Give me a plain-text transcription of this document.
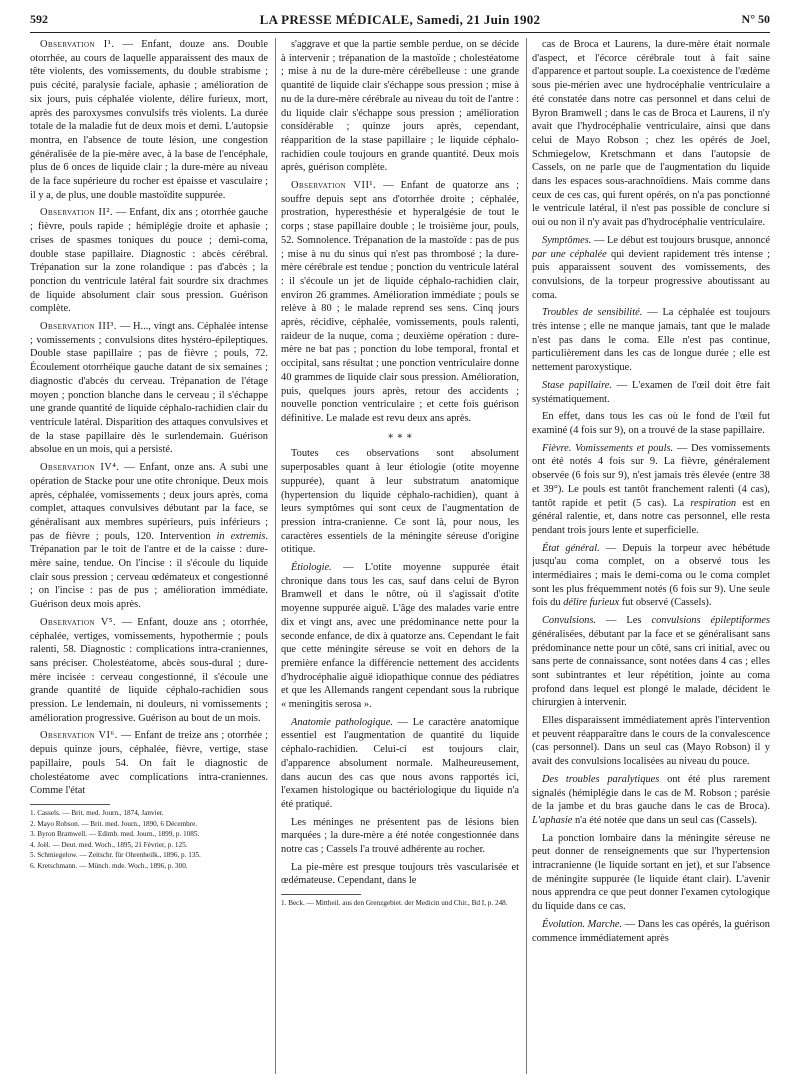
592	LA PRESSE MÉDICALE, Samedi, 21 Juin 1902	N° 50

Observation I¹. — Enfant, douze ans. Double otorrhée, au cours de laquelle apparaissent des maux de tête violents, des vomissements, du double strabisme ; puis cécité, paralysie faciale, aphasie ; amélioration de six jours, puis céphalée violente, délire furieux, mort, après des paroxysmes convulsifs très violents. La durée totale de la maladie fut de deux mois et demi. L'autopsie montra, en l'absence de toute lésion, une congestion généralisée de la pie-mère avec, à la base de l'encéphale, plus de 6 onces de liquide clair ; la dure-mère au niveau de la face supérieure du rocher est épaisse et vasculaire ; il y a, de plus, une double mastoïdite suppurée.

Observation II². — Enfant, dix ans ; otorrhée gauche ; fièvre, pouls rapide ; hémiplégie droite et aphasie ; crises de spasmes toniques du pouce ; demi-coma, double stase papillaire. Diagnostic : abcès cérébral. Trépanation sur la zone rolandique : pas d'abcès ; la ponction du ventricule latéral fait sourdre six drachmes de liquide absolument clair sous pression. Guérison complète.

Observation III³. — H..., vingt ans. Céphalée intense ; vomissements ; convulsions dites hystéro-épileptiques. Double stase papillaire ; pas de fièvre ; pouls, 72. Écoulement otorrhéique gauche datant de six semaines ; diagnostic d'abcès du cerveau. Trépanation de l'étage moyen ; ponction blanche dans le cerveau ; il s'échappe une grande quantité de liquide céphalo-rachidien clair du ventricule latéral. Disparition des attaques convulsives et de la stase papillaire dès le surlendemain. Guérison absolue en un mois, qui a persisté.

Observation IV⁴. — Enfant, onze ans. A subi une opération de Stacke pour une otite chronique. Deux mois après, céphalée, vomissements ; deux jours après, coma complet, attaques convulsives débutant par la face, se généralisant aux membres supérieurs, puis inférieurs ; pas de fièvre ; pouls, 120. Intervention in extremis. Trépanation par le toit de l'antre et de la caisse : dure-mère saine, tendue. On l'incise : il s'écoule du liquide clair sous pression ; cerveau œdémateux et congestionné ; on l'incise : pas de pus ; amélioration immédiate. Guérison deux mois après.

Observation V⁵. — Enfant, douze ans ; otorrhée, céphalée, vertiges, vomissements, hypothermie ; pouls ralenti, 58. Diagnostic : complications intra-craniennes, sans préciser. Cholestéatome, abcès sous-dural ; dure-mère incisée : cerveau congestionné, il s'écoule une grande quantité de liquide céphalo-rachidien sous pression. Le lendemain, ni douleurs, ni vomissements ; amélioration progressive. Guérison au bout de un mois.

Observation VI⁶. — Enfant de treize ans ; otorrhée ; depuis quinze jours, céphalée, fièvre, vertige, stase papillaire, pouls 54. On fait le diagnostic de cholestéatome avec complications intra-craniennes. Comme l'état

1. Cassels. — Brit. med. Journ., 1874, Janvier.

2. Mayo Robson. — Brit. med. Journ., 1890, 6 Décembre.

3. Byron Bramwell. — Edimb. med. Journ., 1899, p. 1085.

4. Joël. — Deut. med. Woch., 1895, 21 Février, p. 125.

5. Schmiegelow. — Zeitschr. für Ohrenheilk., 1896, p. 135.

6. Kretschmann. — Münch. mde. Woch., 1896, p. 300.

s'aggrave et que la partie semble perdue, on se décide à intervenir ; trépanation de la mastoïde ; cholestéatome ; mise à nu de la dure-mère cérébelleuse : une grande quantité de liquide clair s'échappe sous pression ; mise à nu de la dure-mère cérébrale au niveau du toit de l'antre : du liquide clair s'échappe sous pression ; amélioration considérable ; quinze jours après, cependant, réapparition de la stase papillaire ; le liquide céphalo-rachidien coule toujours en grande quantité. Deux mois après, guérison complète.

Observation VII¹. — Enfant de quatorze ans ; souffre depuis sept ans d'otorrhée droite ; céphalée, prostration, hyperesthésie et hyperalgésie de tout le corps ; stase papillaire double ; le troisième jour, pouls, 52. Somnolence. Trépanation de la mastoïde : pas de pus ; mise à nu du sinus qui n'est pas thrombosé ; la dure-mère cérébrale est tendue ; ponction du ventricule latéral : il s'écoule un jet de liquide céphalo-rachidien clair, environ 26 grammes. Amélioration immédiate ; pouls se relève à 80 ; le malade reprend ses sens. Cinq jours après, récidive, céphalée, vomissements, pouls ralenti, raideur de la nuque, coma ; deuxième opération : dure-mère ne bat pas ; ponction du lobe temporal, frontal et occipital, sans résultat ; une ponction ventriculaire donne 40 grammes de liquide clair sous pression. Amélioration, puis, quelques jours après, retour des accidents ; nouvelle ponction ventriculaire ; et cette fois guérison définitive. Le malade est revu deux ans après.

∗ ∗ ∗

Toutes ces observations sont absolument superposables quant à leur étiologie (otite moyenne suppurée), quant à leur substratum anatomique (hypertension du liquide céphalo-rachidien), quant à leurs symptômes qui sont ceux de l'augmentation de pression intra-cranienne. Ce sont là, pour nous, les caractères essentiels de la méningite séreuse d'origine otitique.

Étiologie. — L'otite moyenne suppurée était chronique dans tous les cas, sauf dans celui de Byron Bramwell et dans le nôtre, où il s'agissait d'otite moyenne suppurée aiguë. L'âge des malades varie entre dix et vingt ans, avec une prédominance nette pour la seconde enfance, de dix à quatorze ans. Cependant le fait que cette méningite séreuse se voit en dehors de la première enfance la différencie nettement des accidents d'hydrocéphalie aiguë idiopathique connue des pédiatres et que les Allemands rangent cependant sous la rubrique « meningitis serosa ».

Anatomie pathologique. — Le caractère anatomique essentiel est l'augmentation de quantité du liquide céphalo-rachidien. Celui-ci est toujours clair, d'apparence absolument normale. Malheureusement, dans aucun des cas que nous avons rapportés ici, l'examen histologique ou bactériologique du liquide n'a été pratiqué.

Les méninges ne présentent pas de lésions bien marquées ; la dure-mère a été notée congestionnée dans notre cas ; Cassels l'a trouvé adhérente au rocher.

La pie-mère est presque toujours très vascularisée et œdémateuse. Cependant, dans le

1. Beck. — Mittheil. aus den Grenzgebiet. der Medicin und Chir., Bd I, p. 248.

cas de Broca et Laurens, la dure-mère était normale d'aspect, et l'écorce cérébrale tout à fait saine d'apparence et partout souple. La coexistence de l'œdème sous pie-mérien avec une hydrocéphalie ventriculaire a été constatée dans notre cas personnel et dans celui de Byron Bramwell ; dans le cas de Broca et Laurens, il n'y avait que l'hydrocéphalie ventriculaire, ainsi que dans celui de Mayo Robson ; chez les opérés de Joel, Schmiegelow, Kretschmann et dans l'autopsie de Cassels, on ne parle que de l'augmentation du liquide dans les espaces sous-arachnoïdiens. Mais comme dans ceux de ces cas, qui furent opérés, on n'a pas ponctionné le ventricule latéral, il n'est pas possible de conclure si oui ou non il n'y avait pas d'hydrocéphalie ventriculaire.

Symptômes. — Le début est toujours brusque, annoncé par une céphalée qui devient rapidement très intense ; puis apparaissent souvent des vomissements, des convulsions, de la torpeur progressive aboutissant au coma.

Troubles de sensibilité. — La céphalée est toujours très intense ; elle ne manque jamais, tant que le malade n'est pas dans le coma. Elle n'est pas continue, particulièrement dans les cas de longue durée ; elle est nettement paroxystique.

Stase papillaire. — L'examen de l'œil doit être fait systématiquement.

En effet, dans tous les cas où le fond de l'œil fut examiné (4 fois sur 9), on a trouvé de la stase papillaire.

Fièvre. Vomissements et pouls. — Des vomissements ont été notés 4 fois sur 9. La fièvre, généralement observée (6 fois sur 9), n'est jamais très élevée (entre 38 et 39°). Le pouls est tantôt franchement ralenti (4 cas), tantôt rapide et petit (5 cas). La respiration est en général ralentie, et, dans notre cas personnel, elle resta pendant trois jours lente et superficielle.

État général. — Depuis la torpeur avec hébétude jusqu'au coma complet, on a observé tous les intermédiaires ; mais le demi-coma ou le coma complet sont les plus fréquemment notés (6 fois sur 9). Une seule fois du délire furieux fut observé (Cassels).

Convulsions. — Les convulsions épileptiformes généralisées, débutant par la face et se généralisant sans prédominance nette pour un côté, sans cri initial, avec ou sans perte de connaissance, sont notées dans 4 cas ; elles sont subintrantes et leur répétition, jointe au coma profond dans lequel est plongé le malade, décident le chirurgien à intervenir.

Elles disparaissent immédiatement après l'intervention et peuvent réapparaître dans le cours de la convalescence (cas personnel). Dans un seul cas (Mayo Robson) il y avait des convulsions localisées au niveau du pouce.

Des troubles paralytiques ont été plus rarement signalés (hémiplégie dans le cas de M. Robson ; parésie de la jambe et du bras gauche dans le cas de Broca). L'aphasie n'a été notée que dans un seul cas (Cassels).

La ponction lombaire dans la méningite séreuse ne peut donner de renseignements que sur l'hypertension intracranienne (le liquide sortant en jet), et sur l'absence de méningite suppurée (le liquide étant clair). L'avenir nous apprendra ce que peut donner l'examen cytologique du liquide dans ce cas.

Évolution. Marche. — Dans les cas opérés, la guérison commence immédiatement après
